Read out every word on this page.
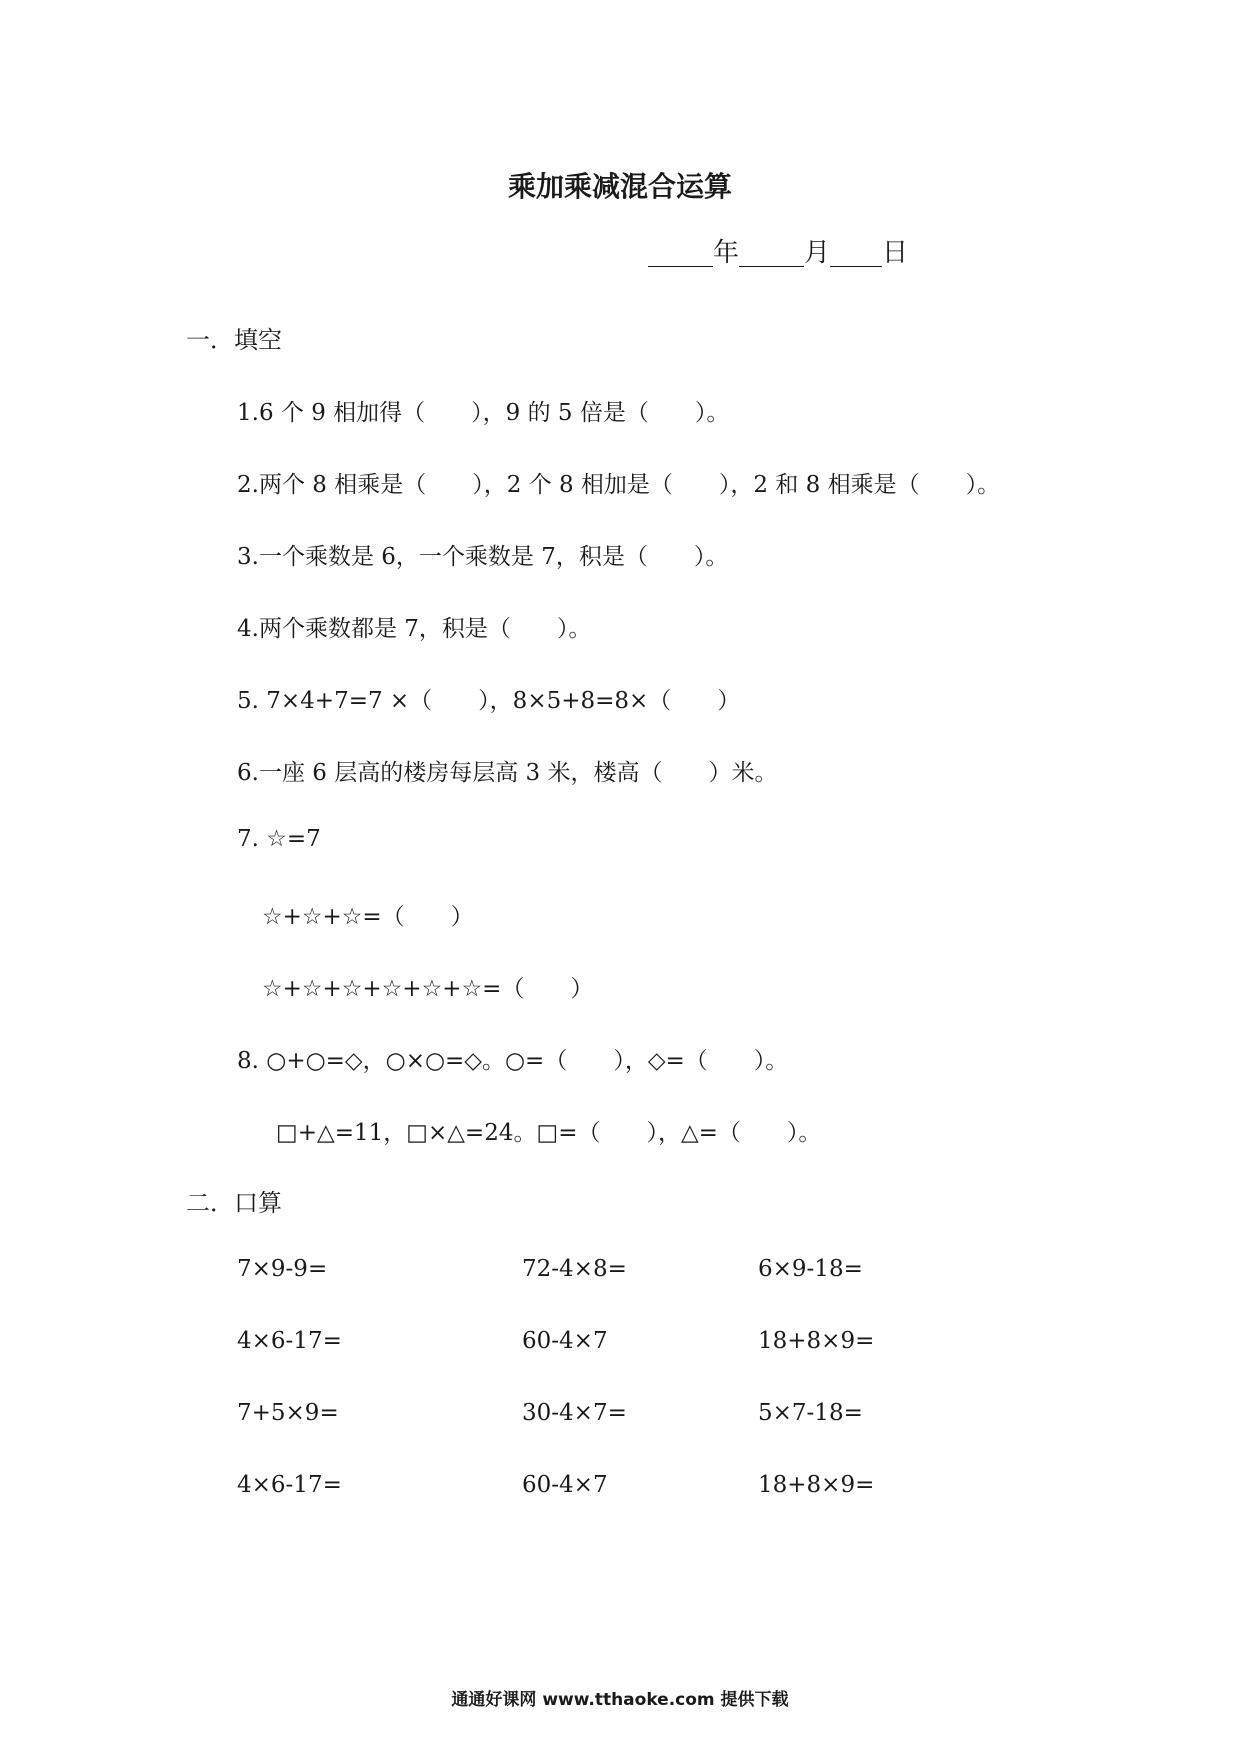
乘加乘减混合运算
_____年_____月____日
一．填空
1.6 个 9 相加得（　　），9 的 5 倍是（　　）。
2.两个 8 相乘是（　　），2 个 8 相加是（　　），2 和 8 相乘是（　　）。
3.一个乘数是 6，一个乘数是 7，积是（　　）。
4.两个乘数都是 7，积是（　　）。
5. 7×4+7=7 ×（　　），8×5+8=8×（　　）
6.一座 6 层高的楼房每层高 3 米，楼高（　　）米。
7. ☆=7
☆+☆+☆=（　　）
☆+☆+☆+☆+☆+☆=（　　）
8. ○+○=◇，○×○=◇。○=（　　），◇=（　　）。
□+△=11，□×△=24。□=（　　），△=（　　）。
二．口算
7×9-9=	72-4×8=	6×9-18=
4×6-17=	60-4×7	18+8×9=
7+5×9=	30-4×7=	5×7-18=
4×6-17=	60-4×7	18+8×9=
通通好课网 www.tthaoke.com 提供下载
